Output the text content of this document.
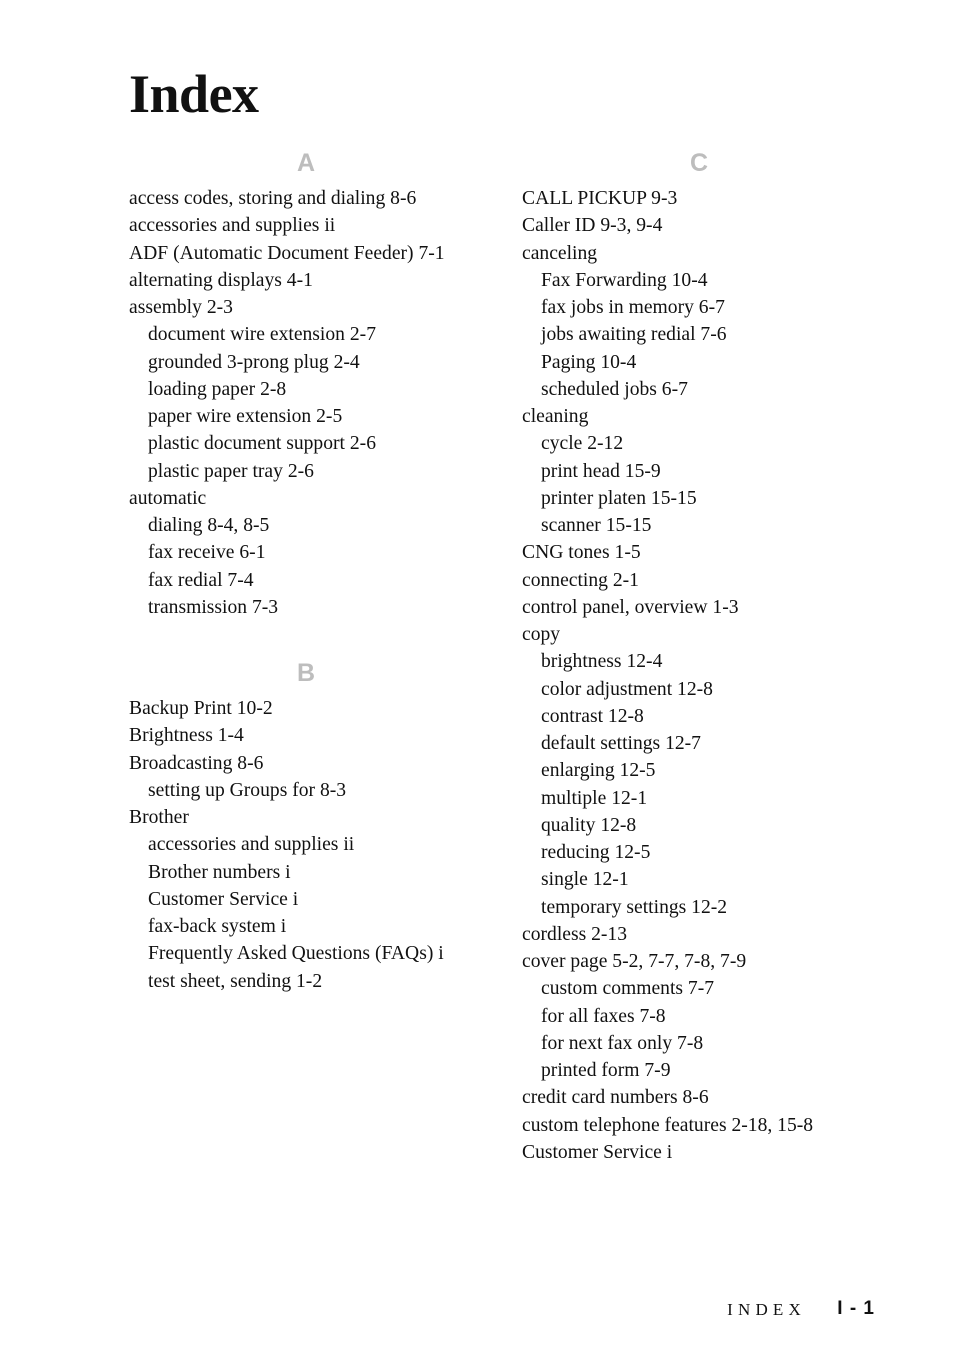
Index
A
access codes, storing and dialing 8-6
accessories and supplies ii
ADF (Automatic Document Feeder) 7-1
alternating displays 4-1
assembly 2-3
document wire extension 2-7
grounded 3-prong plug 2-4
loading paper 2-8
paper wire extension 2-5
plastic document support 2-6
plastic paper tray 2-6
automatic
dialing 8-4, 8-5
fax receive 6-1
fax redial 7-4
transmission 7-3
B
Backup Print 10-2
Brightness 1-4
Broadcasting 8-6
setting up Groups for 8-3
Brother
accessories and supplies ii
Brother numbers i
Customer Service i
fax-back system i
Frequently Asked Questions (FAQs) i
test sheet, sending 1-2
C
CALL PICKUP 9-3
Caller ID 9-3, 9-4
canceling
Fax Forwarding 10-4
fax jobs in memory 6-7
jobs awaiting redial 7-6
Paging 10-4
scheduled jobs 6-7
cleaning
cycle 2-12
print head 15-9
printer platen 15-15
scanner 15-15
CNG tones 1-5
connecting 2-1
control panel, overview 1-3
copy
brightness 12-4
color adjustment 12-8
contrast 12-8
default settings 12-7
enlarging 12-5
multiple 12-1
quality 12-8
reducing 12-5
single 12-1
temporary settings 12-2
cordless 2-13
cover page 5-2, 7-7, 7-8, 7-9
custom comments 7-7
for all faxes 7-8
for next fax only 7-8
printed form 7-9
credit card numbers 8-6
custom telephone features 2-18, 15-8
Customer Service i
INDEX I - 1
